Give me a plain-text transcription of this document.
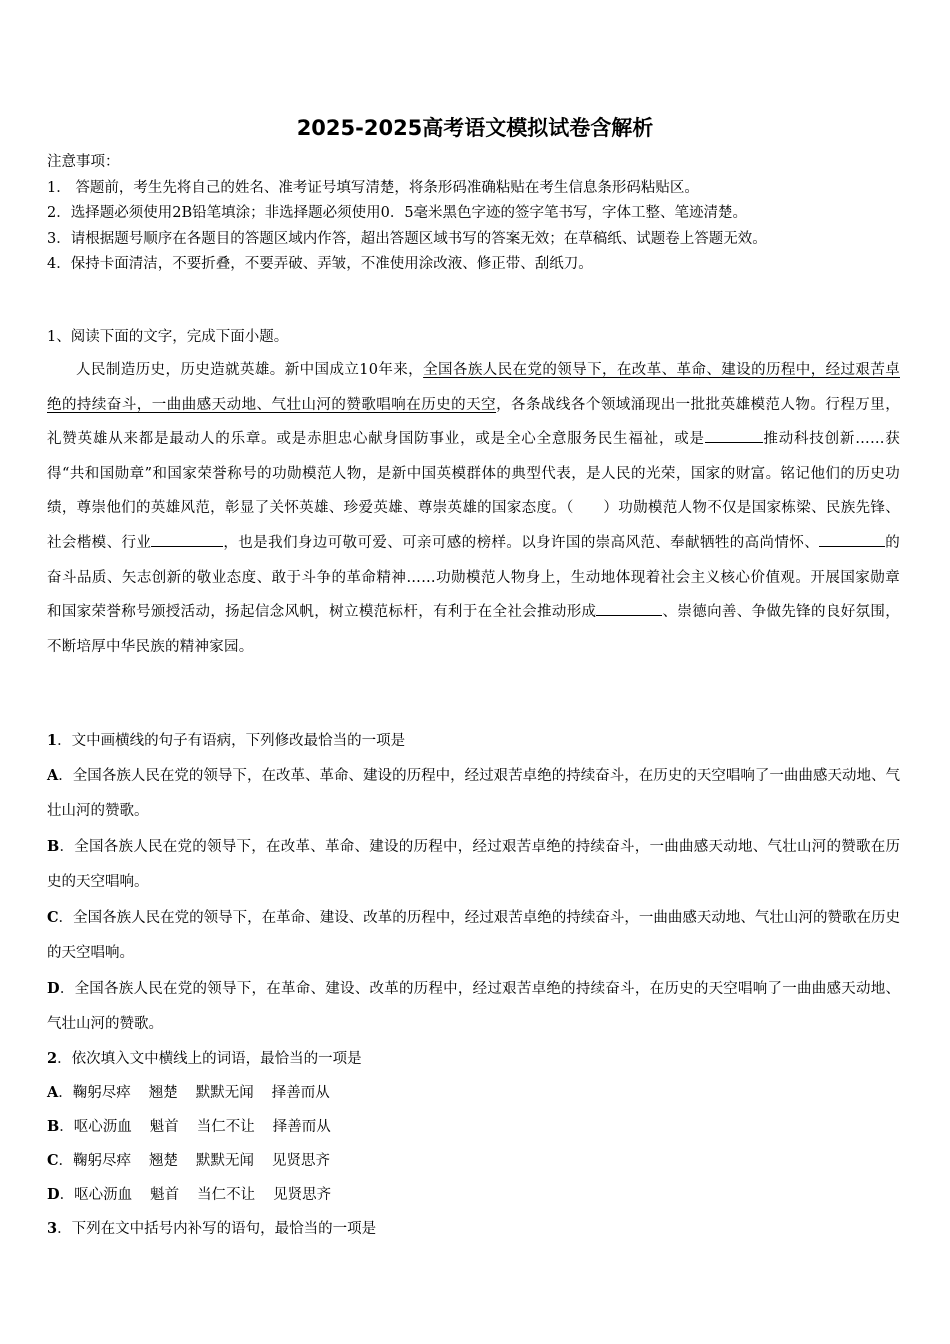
2025-2025高考语文模拟试卷含解析
注意事项：
1． 答题前，考生先将自己的姓名、准考证号填写清楚，将条形码准确粘贴在考生信息条形码粘贴区。
2．选择题必须使用2B铅笔填涂；非选择题必须使用0．5毫米黑色字迹的签字笔书写，字体工整、笔迹清楚。
3．请根据题号顺序在各题目的答题区域内作答，超出答题区域书写的答案无效；在草稿纸、试题卷上答题无效。
4．保持卡面清洁，不要折叠，不要弄破、弄皱，不准使用涂改液、修正带、刮纸刀。
1、阅读下面的文字，完成下面小题。
人民制造历史，历史造就英雄。新中国成立10年来，全国各族人民在党的领导下，在改革、革命、建设的历程中，经过艰苦卓绝的持续奋斗，一曲曲感天动地、气壮山河的赞歌唱响在历史的天空，各条战线各个领域涌现出一批批英雄模范人物。行程万里，礼赞英雄从来都是最动人的乐章。或是赤胆忠心献身国防事业，或是全心全意服务民生福祉，或是	推动科技创新……获得“共和国勋章”和国家荣誉称号的功勋模范人物，是新中国英模群体的典型代表，是人民的光荣，国家的财富。铭记他们的历史功绩，尊崇他们的英雄风范，彰显了关怀英雄、珍爱英雄、尊崇英雄的国家态度。（　　）功勋模范人物不仅是国家栋梁、民族先锋、社会楷模、行业	，也是我们身边可敬可爱、可亲可感的榜样。以身许国的崇高风范、奉献牺牲的高尚情怀、	的奋斗品质、矢志创新的敬业态度、敢于斗争的革命精神……功勋模范人物身上，生动地体现着社会主义核心价值观。开展国家勋章和国家荣誉称号颁授活动，扬起信念风帆，树立模范标杆，有利于在全社会推动形成	、崇德向善、争做先锋的良好氛围，不断培厚中华民族的精神家园。
1．文中画横线的句子有语病，下列修改最恰当的一项是
A．全国各族人民在党的领导下，在改革、革命、建设的历程中，经过艰苦卓绝的持续奋斗，在历史的天空唱响了一曲曲感天动地、气壮山河的赞歌。
B．全国各族人民在党的领导下，在改革、革命、建设的历程中，经过艰苦卓绝的持续奋斗，一曲曲感天动地、气壮山河的赞歌在历史的天空唱响。
C．全国各族人民在党的领导下，在革命、建设、改革的历程中，经过艰苦卓绝的持续奋斗，一曲曲感天动地、气壮山河的赞歌在历史的天空唱响。
D．全国各族人民在党的领导下，在革命、建设、改革的历程中，经过艰苦卓绝的持续奋斗，在历史的天空唱响了一曲曲感天动地、气壮山河的赞歌。
2．依次填入文中横线上的词语，最恰当的一项是
A．鞠躬尽瘁 翘楚 默默无闻 择善而从
B．呕心沥血 魁首 当仁不让 择善而从
C．鞠躬尽瘁 翘楚 默默无闻 见贤思齐
D．呕心沥血 魁首 当仁不让 见贤思齐
3．下列在文中括号内补写的语句，最恰当的一项是
